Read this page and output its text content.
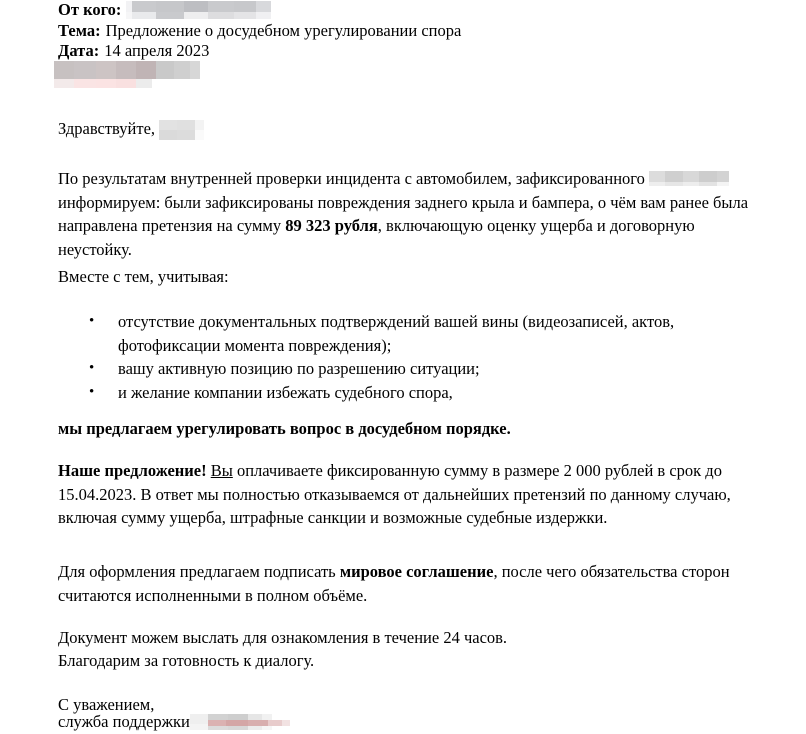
От кого:
Тема: Предложение о досудебном урегулировании спора
Дата: 14 апреля 2023

Здравствуйте,

По результатам внутренней проверки инцидента с автомобилем, зафиксированного
информируем: были зафиксированы повреждения заднего крыла и бампера, о чём вам ранее была направлена претензия на сумму 89 323 рубля, включающую оценку ущерба и договорную неустойку.

Вместе с тем, учитывая:

• отсутствие документальных подтверждений вашей вины (видеозаписей, актов, фотофиксации момента повреждения);
• вашу активную позицию по разрешению ситуации;
• и желание компании избежать судебного спора,

мы предлагаем урегулировать вопрос в досудебном порядке.

Наше предложение! Вы оплачиваете фиксированную сумму в размере 2 000 рублей в срок до 15.04.2023. В ответ мы полностью отказываемся от дальнейших претензий по данному случаю, включая сумму ущерба, штрафные санкции и возможные судебные издержки.

Для оформления предлагаем подписать мировое соглашение, после чего обязательства сторон считаются исполненными в полном объёме.

Документ можем выслать для ознакомления в течение 24 часов.

Благодарим за готовность к диалогу.

С уважением,

служба поддержки
